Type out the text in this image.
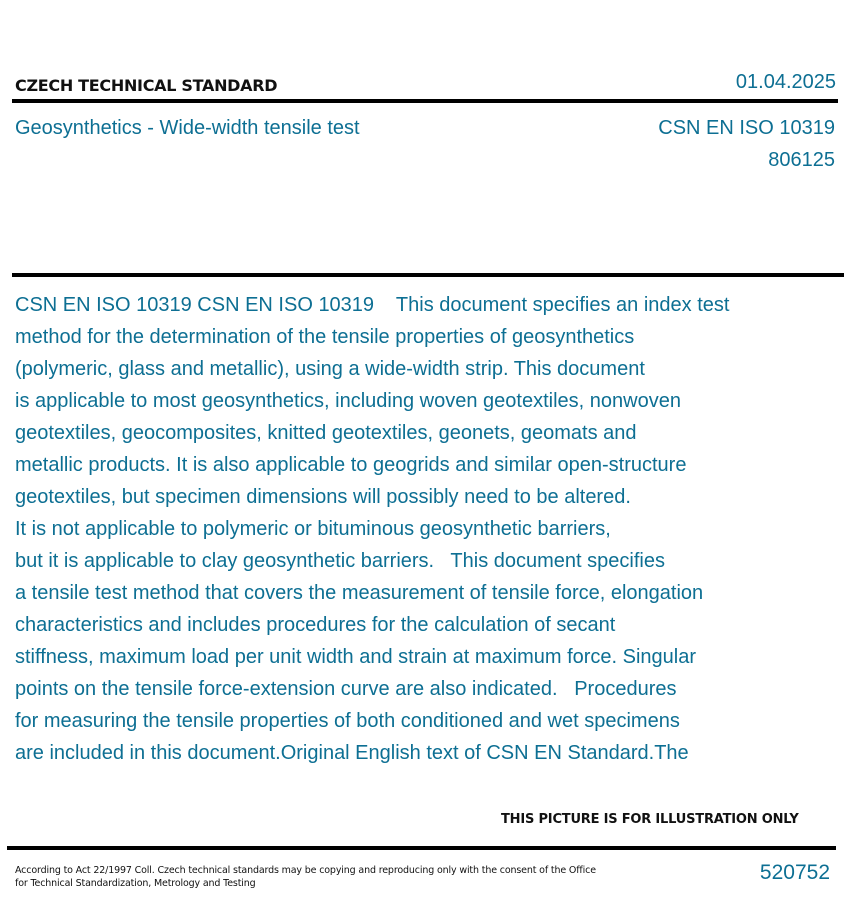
CZECH TECHNICAL STANDARD	01.04.2025
Geosynthetics - Wide-width tensile test	CSN EN ISO 10319
806125
CSN EN ISO 10319 CSN EN ISO 10319    This document specifies an index test
method for the determination of the tensile properties of geosynthetics
(polymeric, glass and metallic), using a wide-width strip. This document
is applicable to most geosynthetics, including woven geotextiles, nonwoven
geotextiles, geocomposites, knitted geotextiles, geonets, geomats and
metallic products. It is also applicable to geogrids and similar open-structure
geotextiles, but specimen dimensions will possibly need to be altered.
It is not applicable to polymeric or bituminous geosynthetic barriers,
but it is applicable to clay geosynthetic barriers.   This document specifies
a tensile test method that covers the measurement of tensile force, elongation
characteristics and includes procedures for the calculation of secant
stiffness, maximum load per unit width and strain at maximum force. Singular
points on the tensile force-extension curve are also indicated.   Procedures
for measuring the tensile properties of both conditioned and wet specimens
are included in this document.Original English text of CSN EN Standard.The
THIS PICTURE IS FOR ILLUSTRATION ONLY
According to Act 22/1997 Coll. Czech technical standards may be copying and reproducing only with the consent of the Office
for Technical Standardization, Metrology and Testing	520752
